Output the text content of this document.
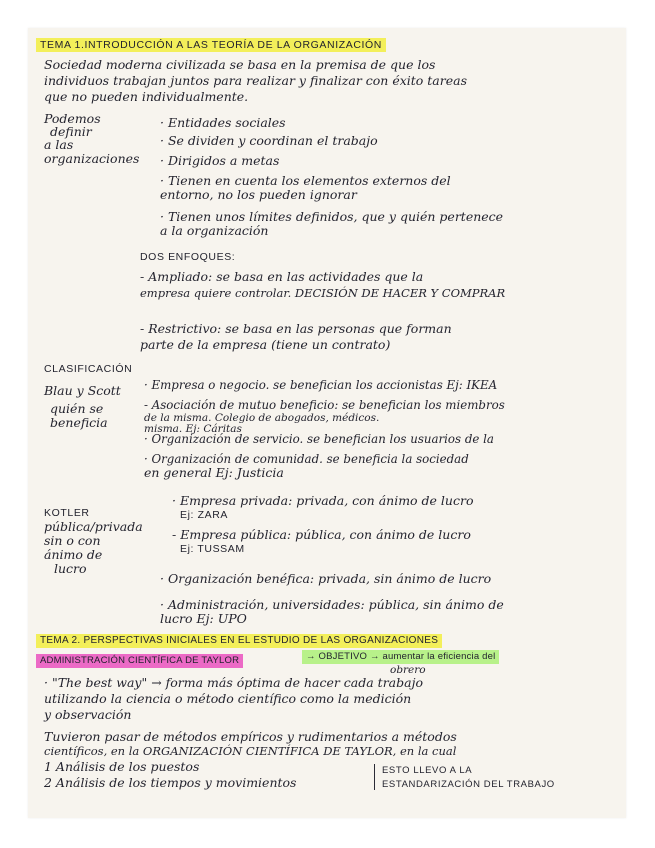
TEMA 1.INTRODUCCIÓN A LAS TEORÍA DE LA ORGANIZACIÓN
Sociedad moderna civilizada se basa en la premisa de que los
individuos trabajan juntos para realizar y finalizar con éxito tareas
que no pueden individualmente.
Podemos
definir
a las
organizaciones
· Entidades sociales
· Se dividen y coordinan el trabajo
· Dirigidos a metas
· Tienen en cuenta los elementos externos del
entorno, no los pueden ignorar
· Tienen unos límites definidos, que y quién pertenece
a la organización
DOS ENFOQUES:
- Ampliado: se basa en las actividades que la
empresa quiere controlar. DECISIÓN DE HACER Y COMPRAR
- Restrictivo: se basa en las personas que forman
parte de la empresa (tiene un contrato)
CLASIFICACIÓN
Blau y Scott
quién se
beneficia
· Empresa o negocio. se benefician los accionistas Ej: IKEA
- Asociación de mutuo beneficio: se benefician los miembros
de la misma. Colegio de abogados, médicos.
misma. Ej: Cáritas
· Organización de servicio. se benefician los usuarios de la
· Organización de comunidad. se beneficia la sociedad
en general Ej: Justicia
KOTLER
pública/privada
sin o con
ánimo de
lucro
· Empresa privada: privada, con ánimo de lucro
Ej: ZARA
- Empresa pública: pública, con ánimo de lucro
Ej: TUSSAM
· Organización benéfica: privada, sin ánimo de lucro
· Administración, universidades: pública, sin ánimo de
lucro Ej: UPO
TEMA 2. PERSPECTIVAS INICIALES EN EL ESTUDIO DE LAS ORGANIZACIONES
ADMINISTRACIÓN CIENTÍFICA DE TAYLOR	→ OBJETIVO → aumentar la eficiencia del
obrero
· "The best way" → forma más óptima de hacer cada trabajo
utilizando la ciencia o método científico como la medición
y observación
Tuvieron pasar de métodos empíricos y rudimentarios a métodos
científicos, en la ORGANIZACIÓN CIENTÍFICA DE TAYLOR, en la cual
1 Análisis de los puestos
2 Análisis de los tiempos y movimientos
ESTO LLEVO A LA
ESTANDARIZACIÓN DEL TRABAJO
